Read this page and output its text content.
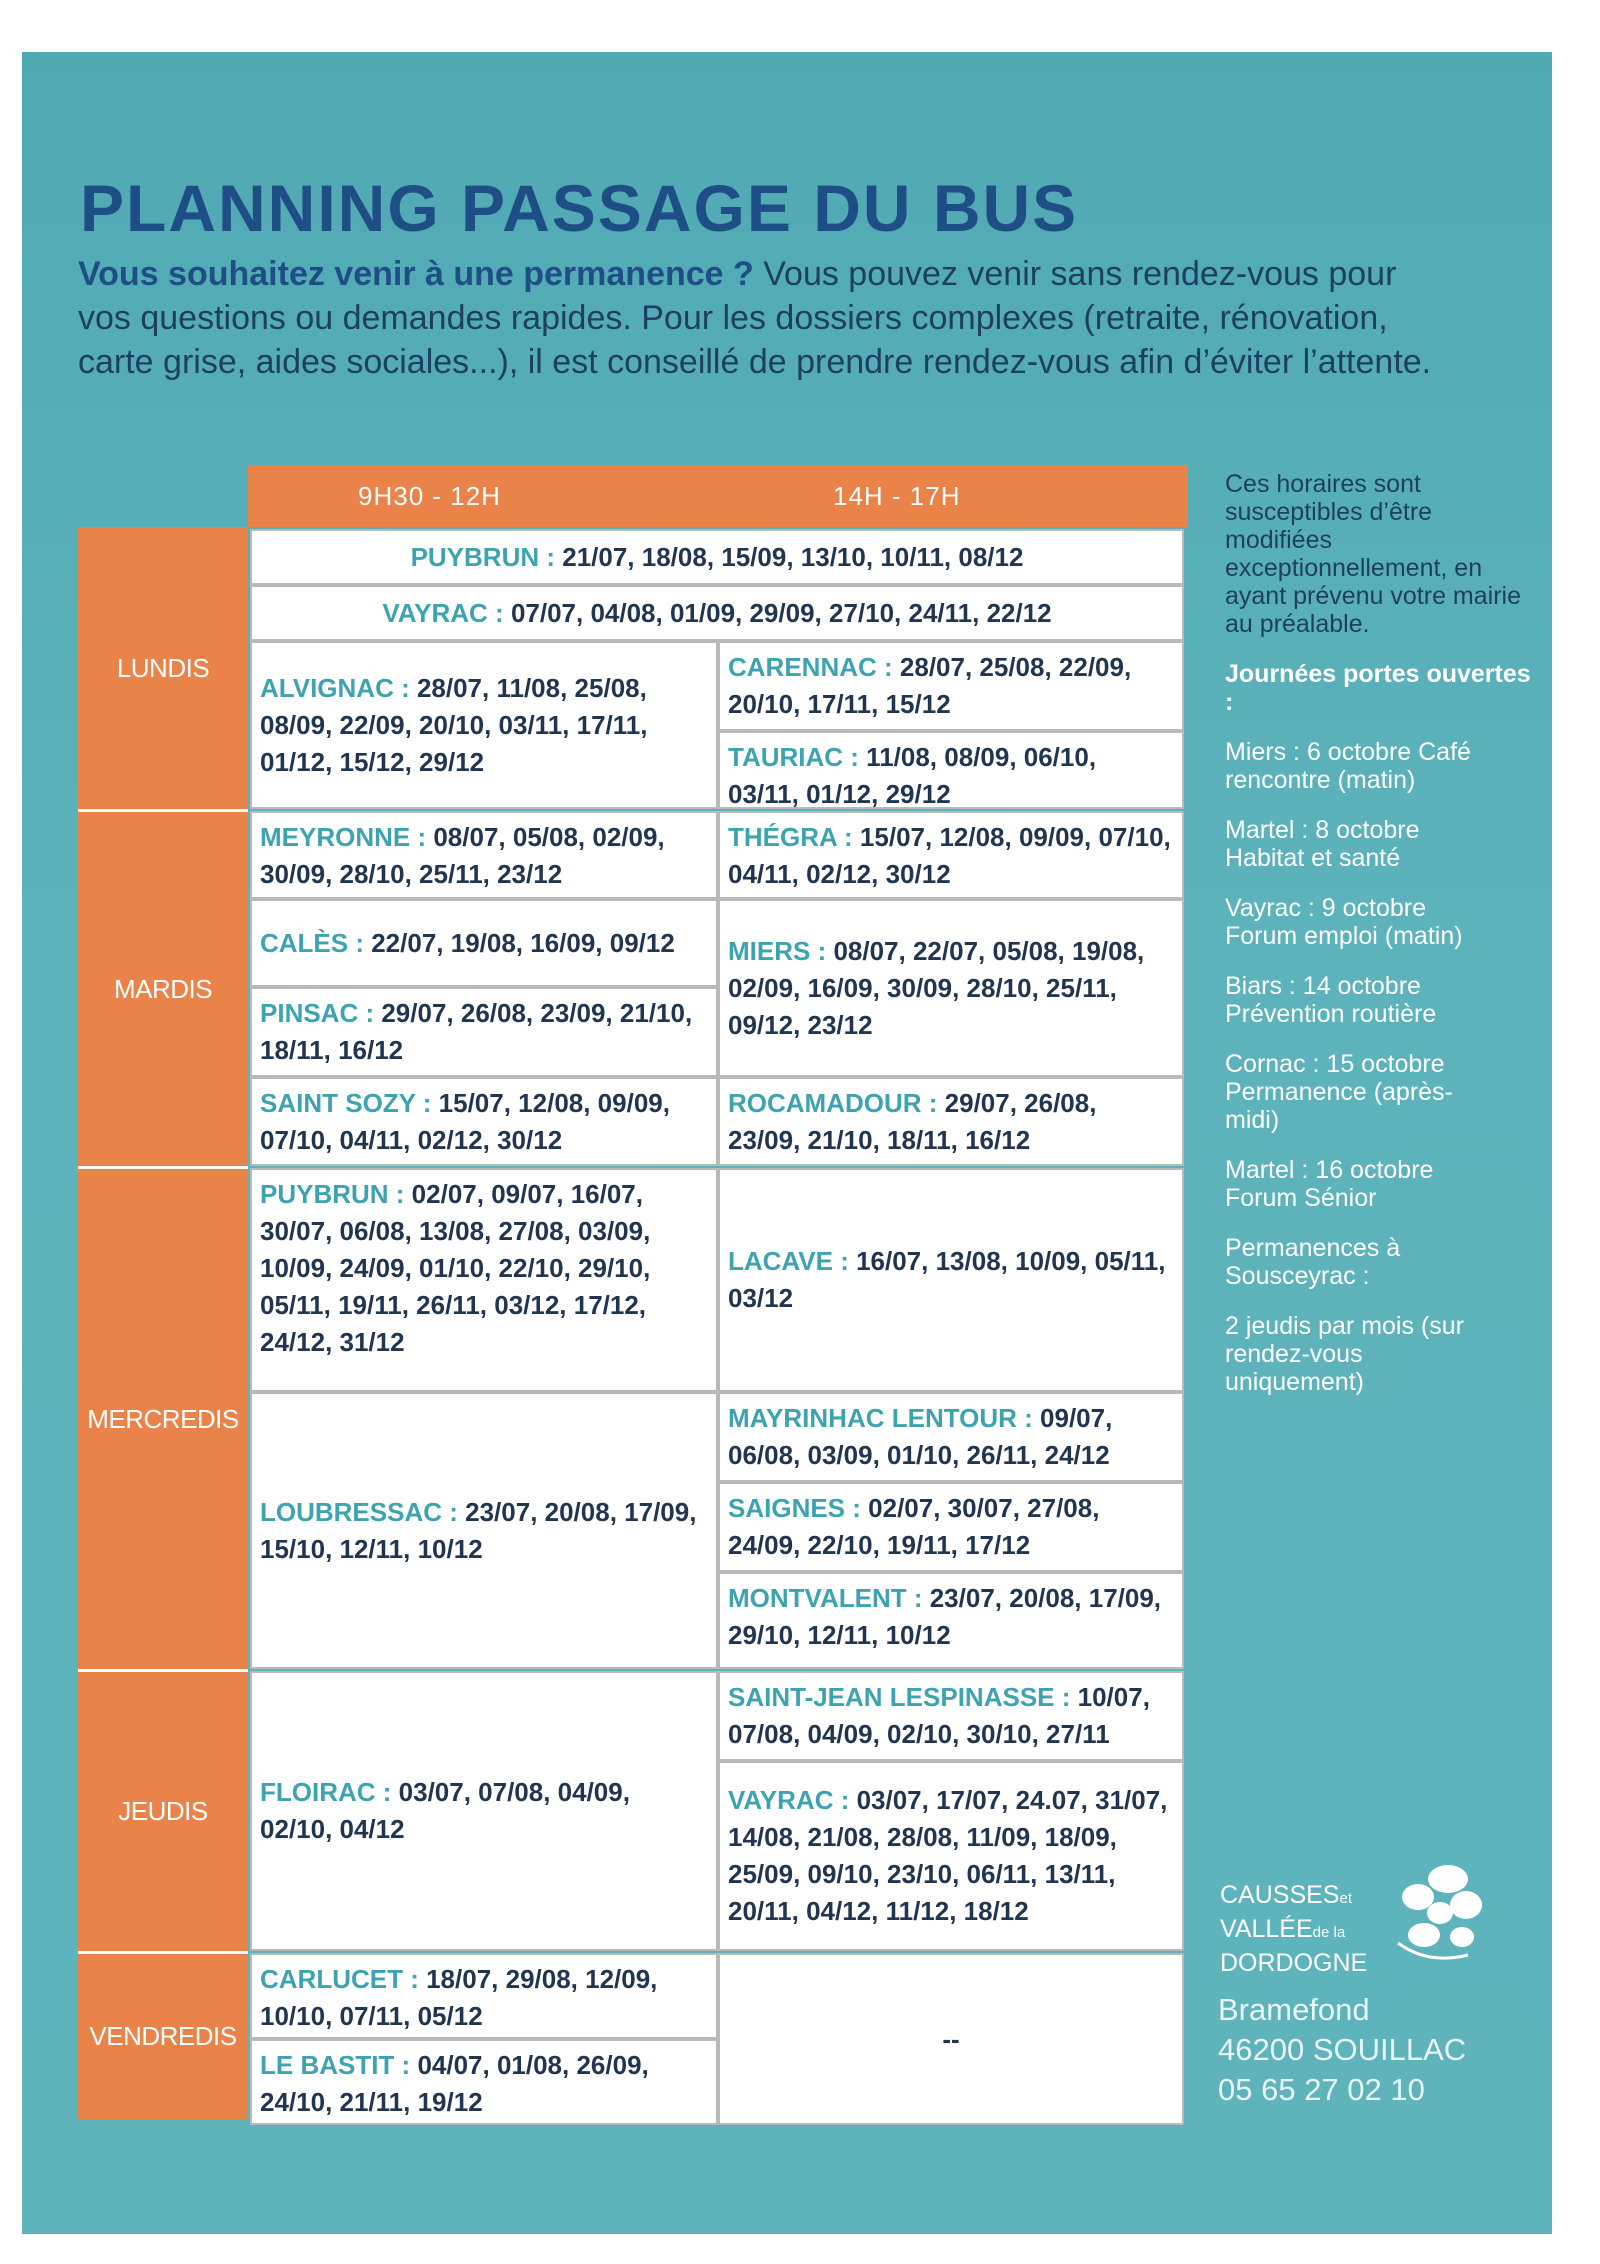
PLANNING PASSAGE DU BUS

Vous souhaitez venir à une permanence ? Vous pouvez venir sans rendez-vous pour vos questions ou demandes rapides. Pour les dossiers complexes (retraite, rénovation, carte grise, aides sociales...), il est conseillé de prendre rendez-vous afin d’éviter l’attente.

9H30 - 12H	14H - 17H
LUNDIS
MARDIS
MERCREDIS
JEUDIS
VENDREDIS
PUYBRUN : 21/07, 18/08, 15/09, 13/10, 10/11, 08/12
VAYRAC : 07/07, 04/08, 01/09, 29/09, 27/10, 24/11, 22/12
ALVIGNAC : 28/07, 11/08, 25/08, 08/09, 22/09, 20/10, 03/11, 17/11, 01/12, 15/12, 29/12
CARENNAC : 28/07, 25/08, 22/09, 20/10, 17/11, 15/12
TAURIAC : 11/08, 08/09, 06/10, 03/11, 01/12, 29/12
MEYRONNE : 08/07, 05/08, 02/09, 30/09, 28/10, 25/11, 23/12
THÉGRA : 15/07, 12/08, 09/09, 07/10, 04/11, 02/12, 30/12
CALÈS : 22/07, 19/08, 16/09, 09/12 MIERS : 08/07, 22/07, 05/08, 19/08, 02/09, 16/09, 30/09, 28/10, 25/11, 09/12, 23/12
PINSAC : 29/07, 26/08, 23/09, 21/10, 18/11, 16/12
SAINT SOZY : 15/07, 12/08, 09/09, 07/10, 04/11, 02/12, 30/12
ROCAMADOUR : 29/07, 26/08, 23/09, 21/10, 18/11, 16/12
PUYBRUN : 02/07, 09/07, 16/07, 30/07, 06/08, 13/08, 27/08, 03/09, 10/09, 24/09, 01/10, 22/10, 29/10, 05/11, 19/11, 26/11, 03/12, 17/12, 24/12, 31/12
LACAVE : 16/07, 13/08, 10/09, 05/11, 03/12
LOUBRESSAC : 23/07, 20/08, 17/09, 15/10, 12/11, 10/12
MAYRINHAC LENTOUR : 09/07, 06/08, 03/09, 01/10, 26/11, 24/12
SAIGNES : 02/07, 30/07, 27/08, 24/09, 22/10, 19/11, 17/12
MONTVALENT : 23/07, 20/08, 17/09, 29/10, 12/11, 10/12
FLOIRAC : 03/07, 07/08, 04/09, 02/10, 04/12
SAINT-JEAN LESPINASSE : 10/07, 07/08, 04/09, 02/10, 30/10, 27/11
VAYRAC : 03/07, 17/07, 24.07, 31/07, 14/08, 21/08, 28/08, 11/09, 18/09, 25/09, 09/10, 23/10, 06/11, 13/11, 20/11, 04/12, 11/12, 18/12
CARLUCET : 18/07, 29/08, 12/09, 10/10, 07/11, 05/12
LE BASTIT : 04/07, 01/08, 26/09, 24/10, 21/11, 19/12
--

Ces horaires sont susceptibles d’être modifiées exceptionnellement, en ayant prévenu votre mairie au préalable.

Journées portes ouvertes :

Miers : 6 octobre Café rencontre (matin)

Martel : 8 octobre Habitat et santé

Vayrac : 9 octobre Forum emploi (matin)

Biars : 14 octobre Prévention routière

Cornac : 15 octobre Permanence (après-midi)

Martel : 16 octobre Forum Sénior

Permanences à Sousceyrac :

2 jeudis par mois (sur rendez-vous uniquement)

CAUSSESet
VALLÉEde la
DORDOGNE
Bramefond
46200 SOUILLAC
05 65 27 02 10
